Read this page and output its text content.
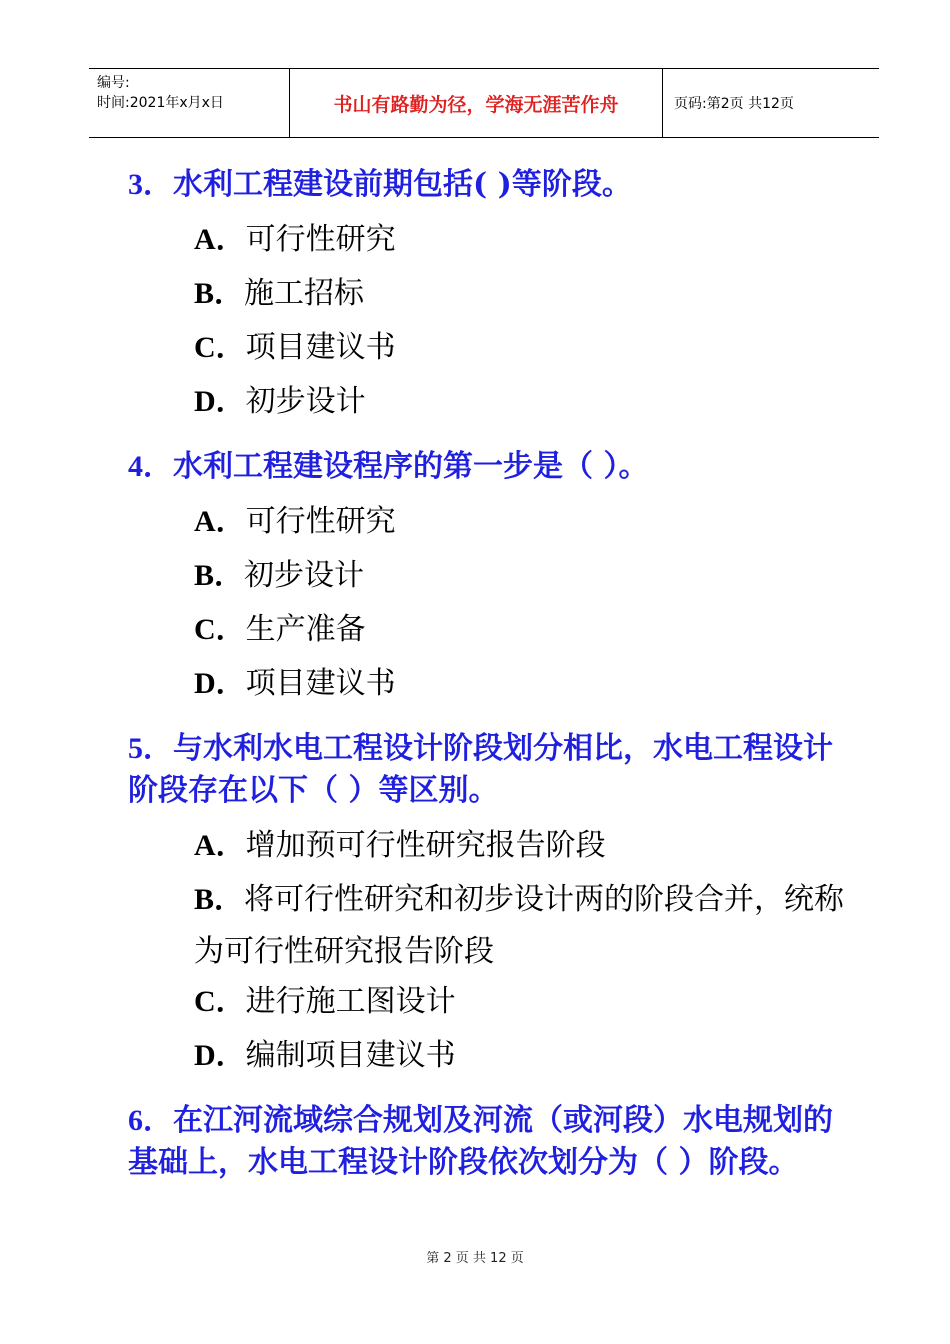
编号:
时间:2021年x月x日	书山有路勤为径，学海无涯苦作舟	页码:第2页 共12页

3．水利工程建设前期包括( )等阶段。

A．可行性研究
B．施工招标
C．项目建议书
D．初步设计

4．水利工程建设程序的第一步是（ ）。

A．可行性研究
B．初步设计
C．生产准备
D．项目建议书

5．与水利水电工程设计阶段划分相比，水电工程设计阶段存在以下（ ）等区别。

A．增加预可行性研究报告阶段
B．将可行性研究和初步设计两的阶段合并，统称为可行性研究报告阶段
C．进行施工图设计
D．编制项目建议书

6．在江河流域综合规划及河流（或河段）水电规划的基础上，水电工程设计阶段依次划分为（ ）阶段。

第 2 页 共 12 页
